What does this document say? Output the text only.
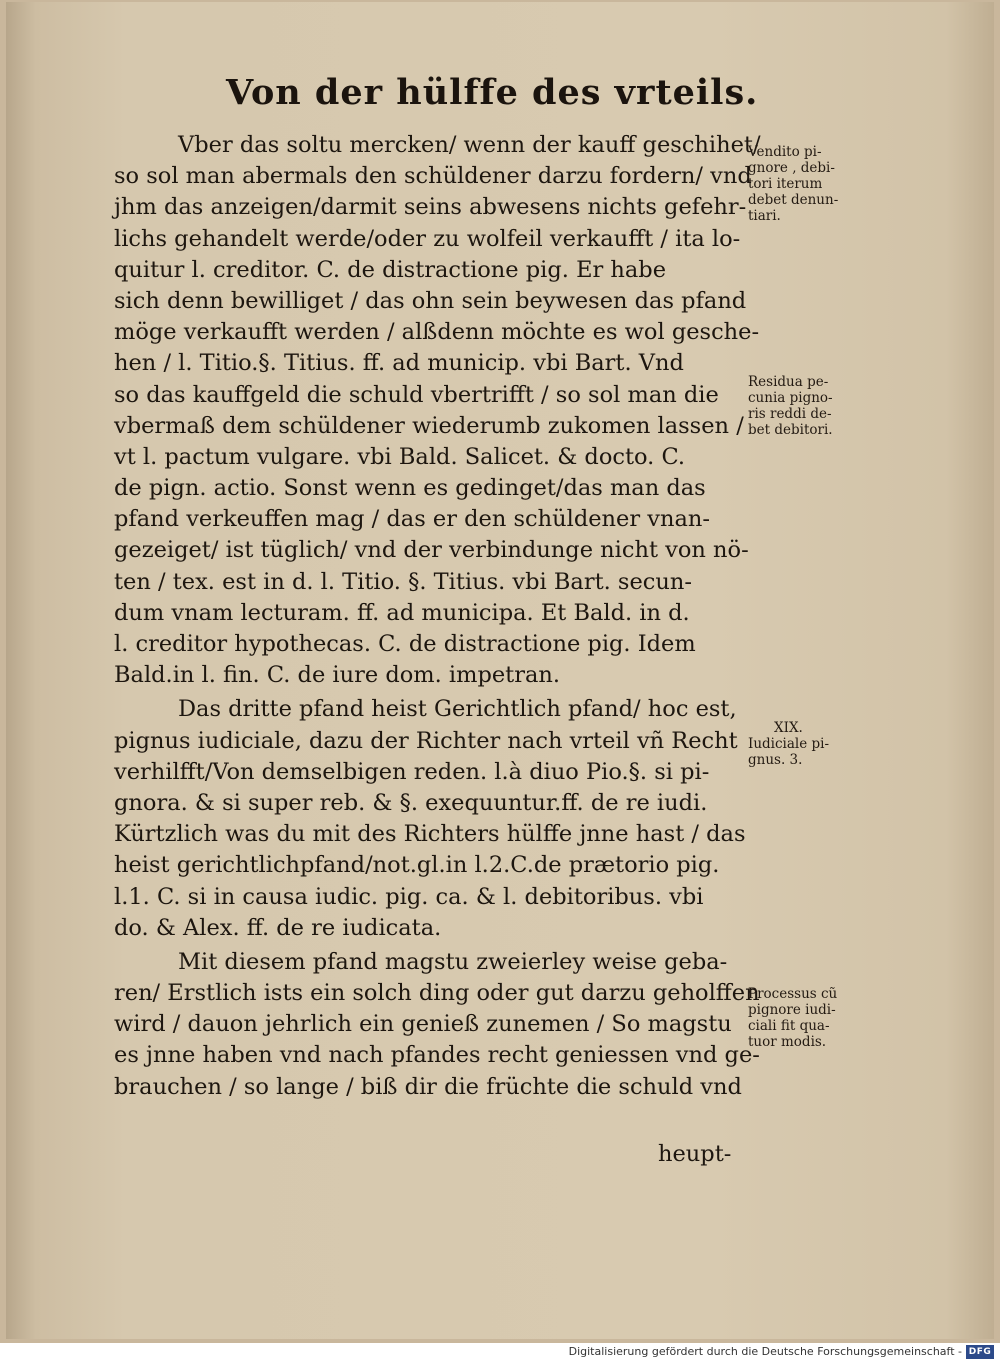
Von der hülffe des vrteils.
Vber das soltu mercken/ wenn der kauff geschihet/
so sol man abermals den schüldener darzu fordern/ vnd
jhm das anzeigen/darmit seins abwesens nichts gefehr-
lichs gehandelt werde/oder zu wolfeil verkaufft / ita lo-
quitur l. creditor. C. de distractione pig. Er habe
sich denn bewilliget / das ohn sein beywesen das pfand
möge verkaufft werden / alßdenn möchte es wol gesche-
hen / l. Titio.§. Titius. ff. ad municip. vbi Bart. Vnd
so das kauffgeld die schuld vbertrifft / so sol man die
vbermaß dem schüldener wiederumb zukomen lassen /
vt l. pactum vulgare. vbi Bald. Salicet. & docto. C.
de pign. actio. Sonst wenn es gedinget/das man das
pfand verkeuffen mag / das er den schüldener vnan-
gezeiget/ ist tüglich/ vnd der verbindunge nicht von nö-
ten / tex. est in d. l. Titio. §. Titius. vbi Bart. secun-
dum vnam lecturam. ff. ad municipa. Et Bald. in d.
l. creditor hypothecas. C. de distractione pig. Idem
Bald.in l. fin. C. de iure dom. impetran.
Das dritte pfand heist Gerichtlich pfand/ hoc est,
pignus iudiciale, dazu der Richter nach vrteil vñ Recht
verhilfft/Von demselbigen reden. l.à diuo Pio.§. si pi-
gnora. & si super reb. & §. exequuntur.ff. de re iudi.
Kürtzlich was du mit des Richters hülffe jnne hast / das
heist gerichtlichpfand/not.gl.in l.2.C.de prætorio pig.
l.1. C. si in causa iudic. pig. ca. & l. debitoribus. vbi
do. & Alex. ff. de re iudicata.
Mit diesem pfand magstu zweierley weise geba-
ren/ Erstlich ists ein solch ding oder gut darzu geholffen
wird / dauon jehrlich ein genieß zunemen / So magstu
es jnne haben vnd nach pfandes recht geniessen vnd ge-
brauchen / so lange / biß dir die früchte die schuld vnd
heupt-
Vendito pi-
gnore , debi-
tori iterum
debet denun-
tiari.
Residua pe-
cunia pigno-
ris reddi de-
bet debitori.
XIX.
Iudiciale pi-
gnus. 3.
Processus cũ
pignore iudi-
ciali fit qua-
tuor modis.
Digitalisierung gefördert durch die Deutsche Forschungsgemeinschaft - DFG
